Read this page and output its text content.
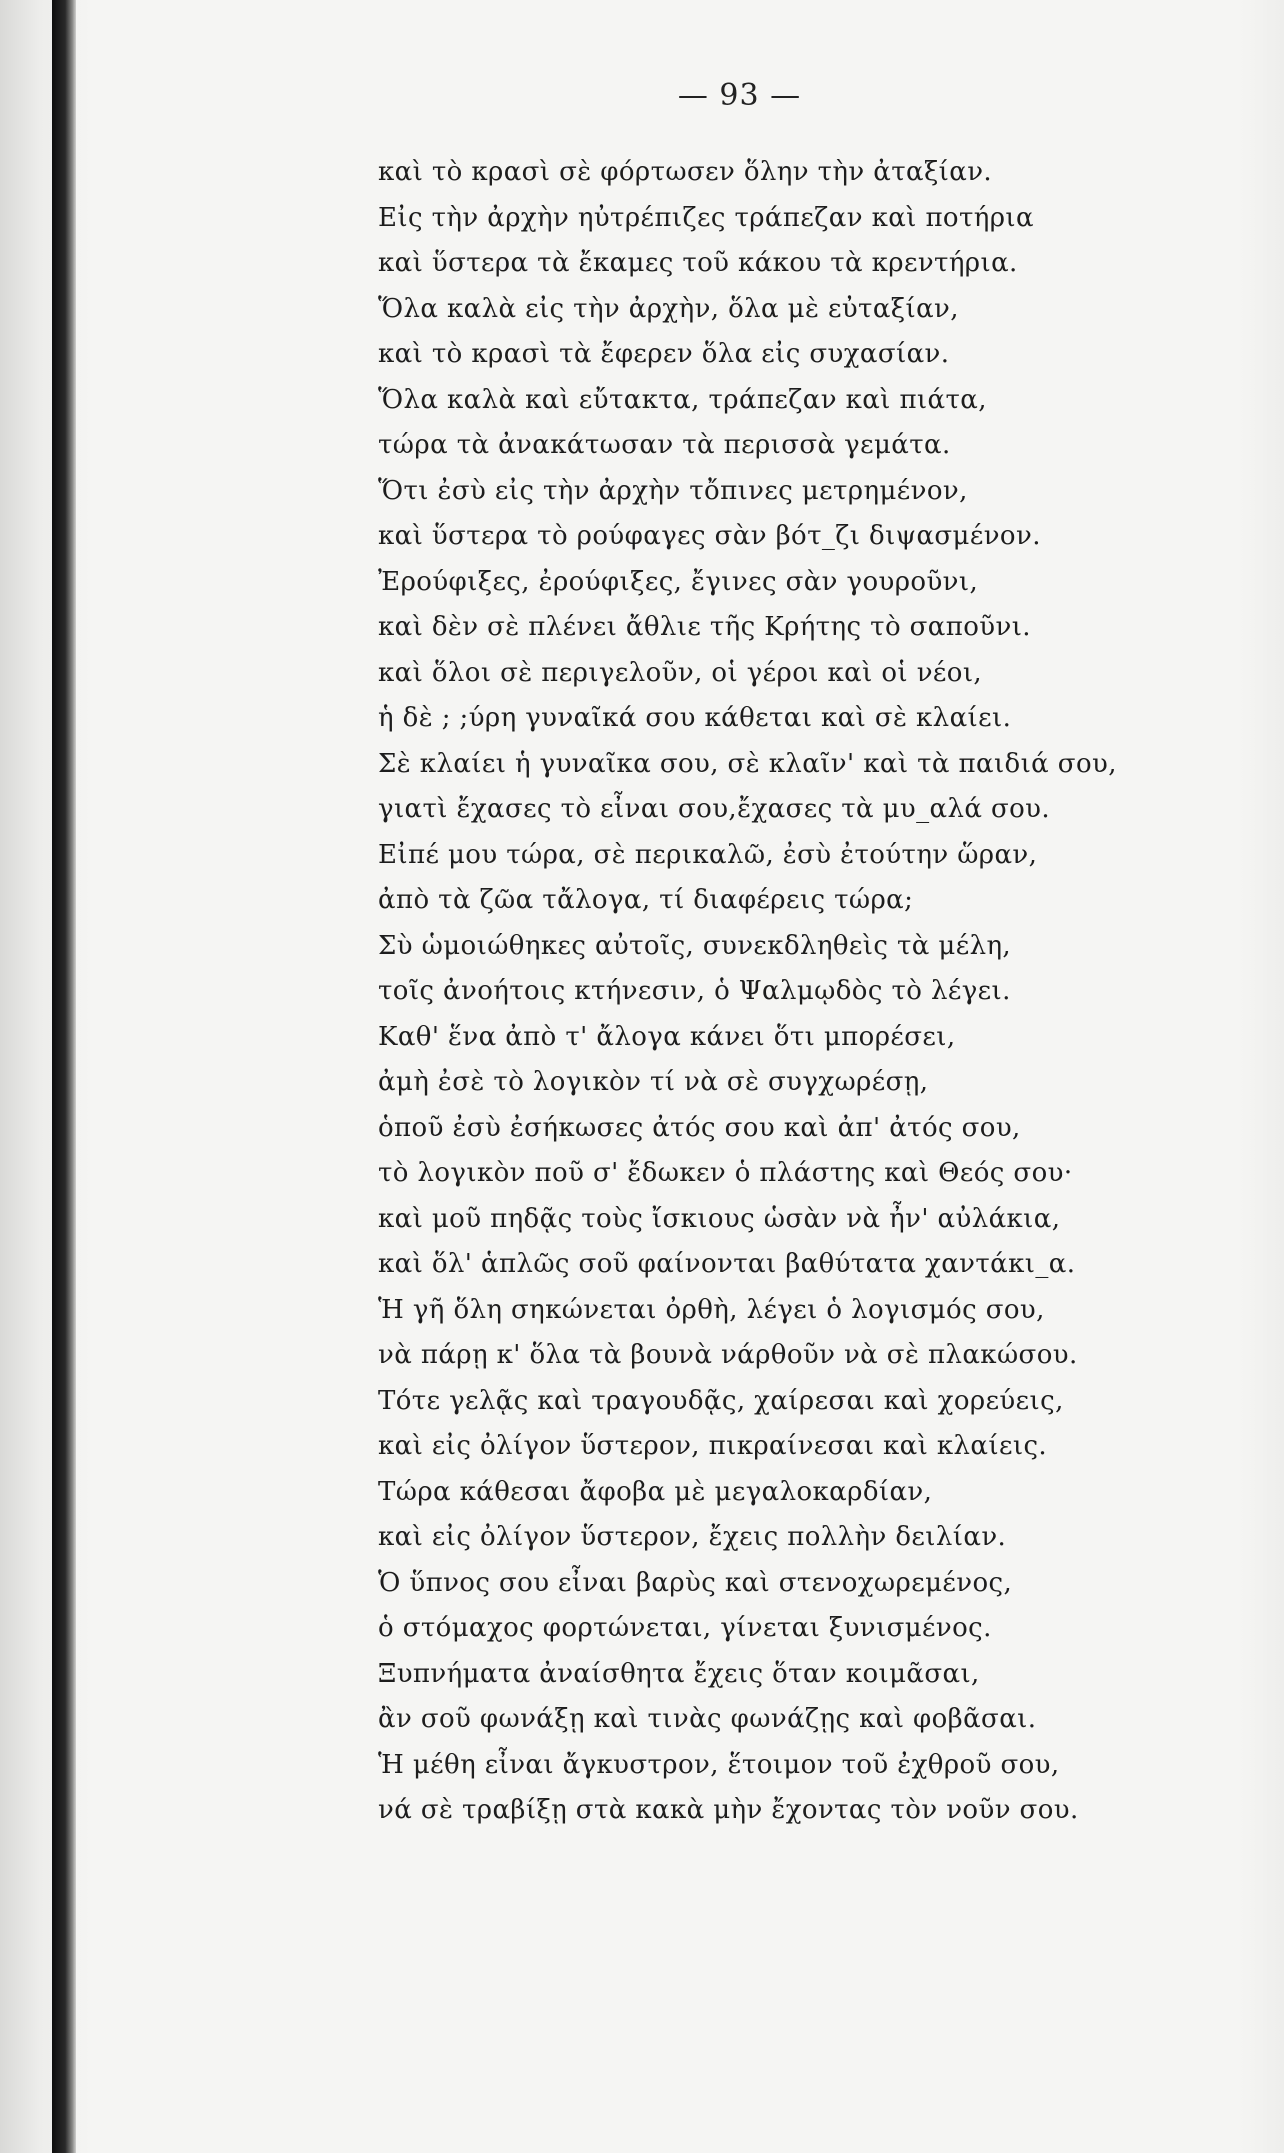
— 93 —
καὶ τὸ κρασὶ σὲ φόρτωσεν ὅλην τὴν ἀταξίαν.
Εἰς τὴν ἀρχὴν ηὐτρέπιζες τράπεζαν καὶ ποτήρια
καὶ ὕστερα τὰ ἔκαμες τοῦ κάκου τὰ κρεντήρια.
Ὅλα καλὰ εἰς τὴν ἀρχὴν, ὅλα μὲ εὐταξίαν,
καὶ τὸ κρασὶ τὰ ἔφερεν ὅλα εἰς συχασίαν.
Ὅλα καλὰ καὶ εὔτακτα, τράπεζαν καὶ πιάτα,
τώρα τὰ ἀνακάτωσαν τὰ περισσὰ γεμάτα.
Ὅτι ἐσὺ εἰς τὴν ἀρχὴν τὄπινες μετρημένον,
καὶ ὕστερα τὸ ρούφαγες σὰν βότ_ζι διψασμένον.
Ἐρούφιξες, ἐρούφιξες, ἔγινες σὰν γουροῦνι,
καὶ δὲν σὲ πλένει ἄθλιε τῆς Κρήτης τὸ σαποῦνι.
καὶ ὅλοι σὲ περιγελοῦν, οἱ γέροι καὶ οἱ νέοι,
ἡ δὲ ; ;ύρη γυναῖκά σου κάθεται καὶ σὲ κλαίει.
Σὲ κλαίει ἡ γυναῖκα σου, σὲ κλαῖν' καὶ τὰ παιδιά σου,
γιατὶ ἔχασες τὸ εἶναι σου,ἔχασες τὰ μυ_αλά σου.
Εἰπέ μου τώρα, σὲ περικαλῶ, ἐσὺ ἐτούτην ὥραν,
ἀπὸ τὰ ζῶα τἄλογα, τί διαφέρεις τώρα;
Σὺ ὡμοιώθηκες αὐτοῖς, συνεκδληθεὶς τὰ μέλη,
τοῖς ἀνοήτοις κτήνεσιν, ὁ Ψαλμῳδὸς τὸ λέγει.
Καθ' ἕνα ἀπὸ τ' ἄλογα κάνει ὅτι μπορέσει,
ἀμὴ ἐσὲ τὸ λογικὸν τί νὰ σὲ συγχωρέσῃ,
ὁποῦ ἐσὺ ἐσήκωσες ἀτός σου καὶ ἀπ' ἀτός σου,
τὸ λογικὸν ποῦ σ' ἔδωκεν ὁ πλάστης καὶ Θεός σου·
καὶ μοῦ πηδᾷς τοὺς ἴσκιους ὡσὰν νὰ ἦν' αὐλάκια,
καὶ ὅλ' ἁπλῶς σοῦ φαίνονται βαθύτατα χαντάκι_α.
Ἡ γῆ ὅλη σηκώνεται ὀρθὴ, λέγει ὁ λογισμός σου,
νὰ πάρῃ κ' ὅλα τὰ βουνὰ νάρθοῦν νὰ σὲ πλακώσου.
Τότε γελᾷς καὶ τραγουδᾷς, χαίρεσαι καὶ χορεύεις,
καὶ εἰς ὀλίγον ὕστερον, πικραίνεσαι καὶ κλαίεις.
Τώρα κάθεσαι ἄφοβα μὲ μεγαλοκαρδίαν,
καὶ εἰς ὀλίγον ὕστερον, ἔχεις πολλὴν δειλίαν.
Ὁ ὕπνος σου εἶναι βαρὺς καὶ στενοχωρεμένος,
ὁ στόμαχος φορτώνεται, γίνεται ξυνισμένος.
Ξυπνήματα ἀναίσθητα ἔχεις ὅταν κοιμᾶσαι,
ἂν σοῦ φωνάξῃ καὶ τινὰς φωνάζῃς καὶ φοβᾶσαι.
Ἡ μέθη εἶναι ἄγκυστρον, ἕτοιμον τοῦ ἐχθροῦ σου,
νά σὲ τραβίξῃ στὰ κακὰ μὴν ἔχοντας τὸν νοῦν σου.
